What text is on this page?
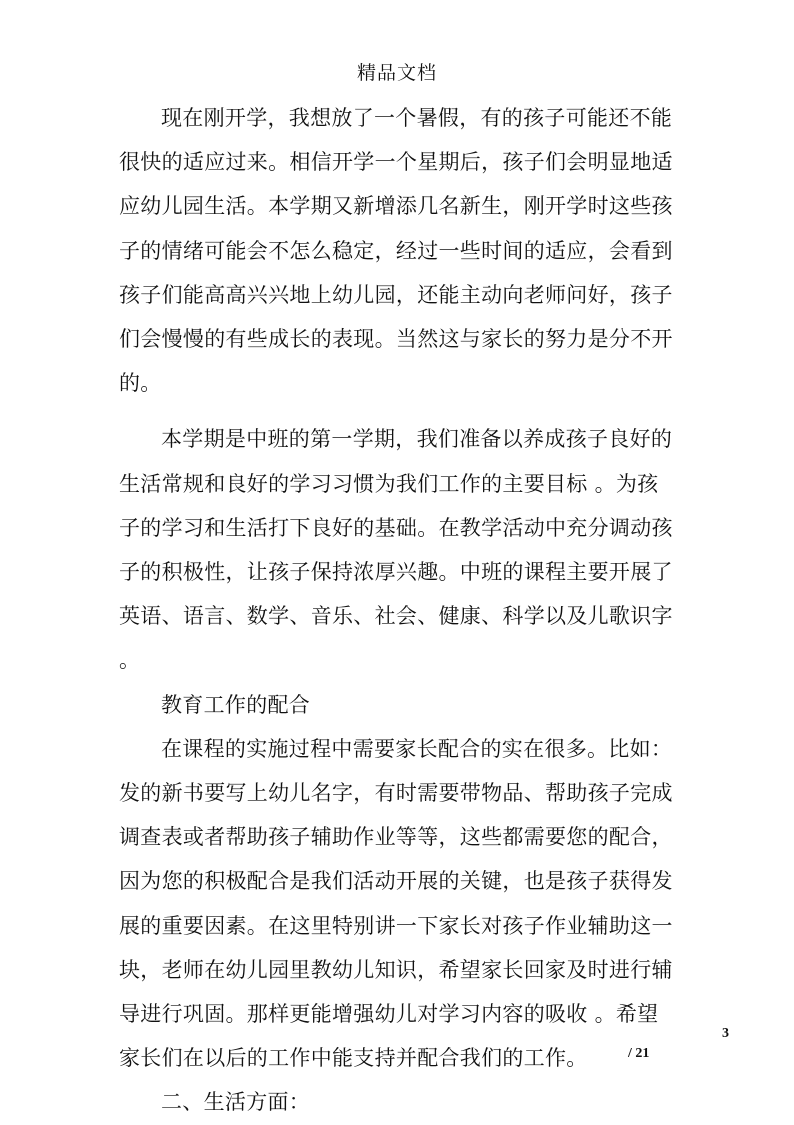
精品文档

现在刚开学，我想放了一个暑假，有的孩子可能还不能很快的适应过来。相信开学一个星期后，孩子们会明显地适应幼儿园生活。本学期又新增添几名新生，刚开学时这些孩子的情绪可能会不怎么稳定，经过一些时间的适应，会看到孩子们能高高兴兴地上幼儿园，还能主动向老师问好，孩子们会慢慢的有些成长的表现。当然这与家长的努力是分不开的。

本学期是中班的第一学期，我们准备以养成孩子良好的生活常规和良好的学习习惯为我们工作的主要目标 。为孩子的学习和生活打下良好的基础。在教学活动中充分调动孩子的积极性，让孩子保持浓厚兴趣。中班的课程主要开展了英语、语言、数学、音乐、社会、健康、科学以及儿歌识字 。

教育工作的配合

在课程的实施过程中需要家长配合的实在很多。比如：发的新书要写上幼儿名字，有时需要带物品、帮助孩子完成调查表或者帮助孩子辅助作业等等，这些都需要您的配合，因为您的积极配合是我们活动开展的关键，也是孩子获得发展的重要因素。在这里特别讲一下家长对孩子作业辅助这一块，老师在幼儿园里教幼儿知识，希望家长回家及时进行辅导进行巩固。那样更能增强幼儿对学习内容的吸收 。希望家长们在以后的工作中能支持并配合我们的工作。

二、生活方面：

3
/ 21
